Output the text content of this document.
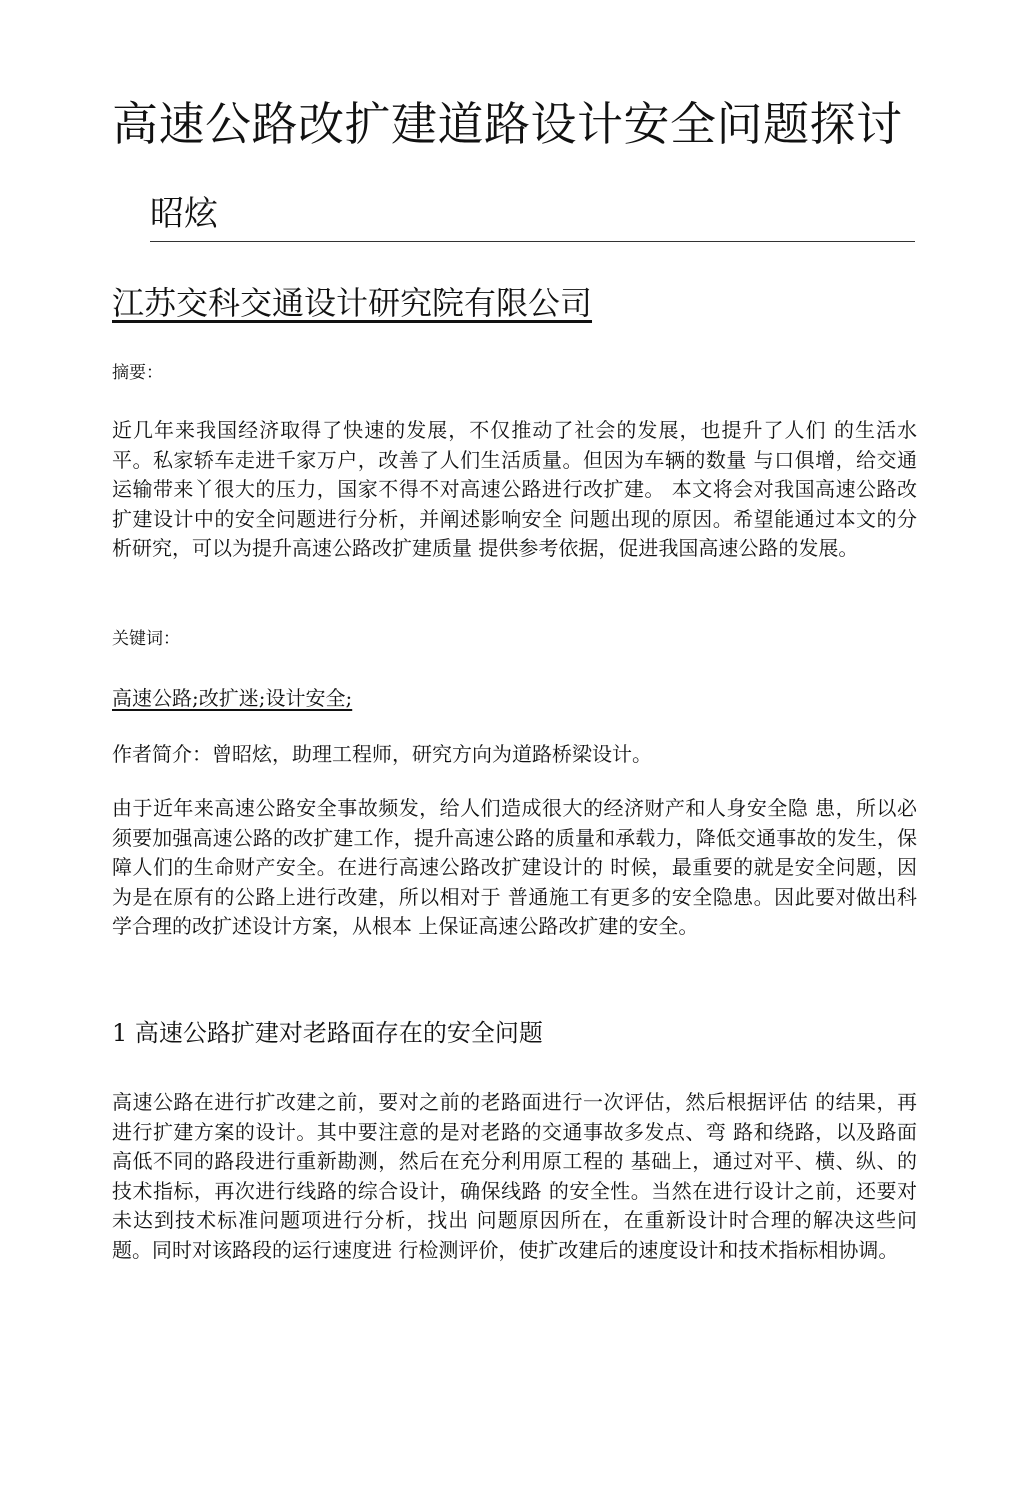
高速公路改扩建道路设计安全问题探讨
昭炫
江苏交科交通设计研究院有限公司
摘要：

近几年来我国经济取得了快速的发展，不仅推动了社会的发展，也提升了人们 的生活水平。私家轿车走进千家万户，改善了人们生活质量。但因为车辆的数量 与口俱增，给交通运输带来丫很大的压力，国家不得不对高速公路进行改扩建。 本文将会对我国高速公路改扩建设计中的安全问题进行分析，并阐述影响安全 问题出现的原因。希望能通过本文的分析研究，可以为提升高速公路改扩建质量 提供参考依据，促进我国高速公路的发展。

关键词：
高速公路;改扩迷;设计安全;
作者简介：曾昭炫，助理工程师，研究方向为道路桥梁设计。

由于近年来高速公路安全事故频发，给人们造成很大的经济财产和人身安全隐 患，所以必须要加强高速公路的改扩建工作，提升高速公路的质量和承载力，降低交通事故的发生，保障人们的生命财产安全。在进行高速公路改扩建设计的 时候，最重要的就是安全问题，因为是在原有的公路上进行改建，所以相对于 普通施工有更多的安全隐患。因此要对做出科学合理的改扩述设计方案，从根本 上保证高速公路改扩建的安全。

1 高速公路扩建对老路面存在的安全问题

高速公路在进行扩改建之前，要对之前的老路面进行一次评估，然后根据评估 的结果，再进行扩建方案的设计。其中要注意的是对老路的交通事故多发点、弯 路和绕路，以及路面高低不同的路段进行重新勘测，然后在充分利用原工程的 基础上，通过对平、横、纵、的技术指标，再次进行线路的综合设计，确保线路 的安全性。当然在进行设计之前，还要对未达到技术标准问题项进行分析，找出 问题原因所在，在重新设计时合理的解决这些问题。同时对该路段的运行速度进 行检测评价，使扩改建后的速度设计和技术指标相协调。
